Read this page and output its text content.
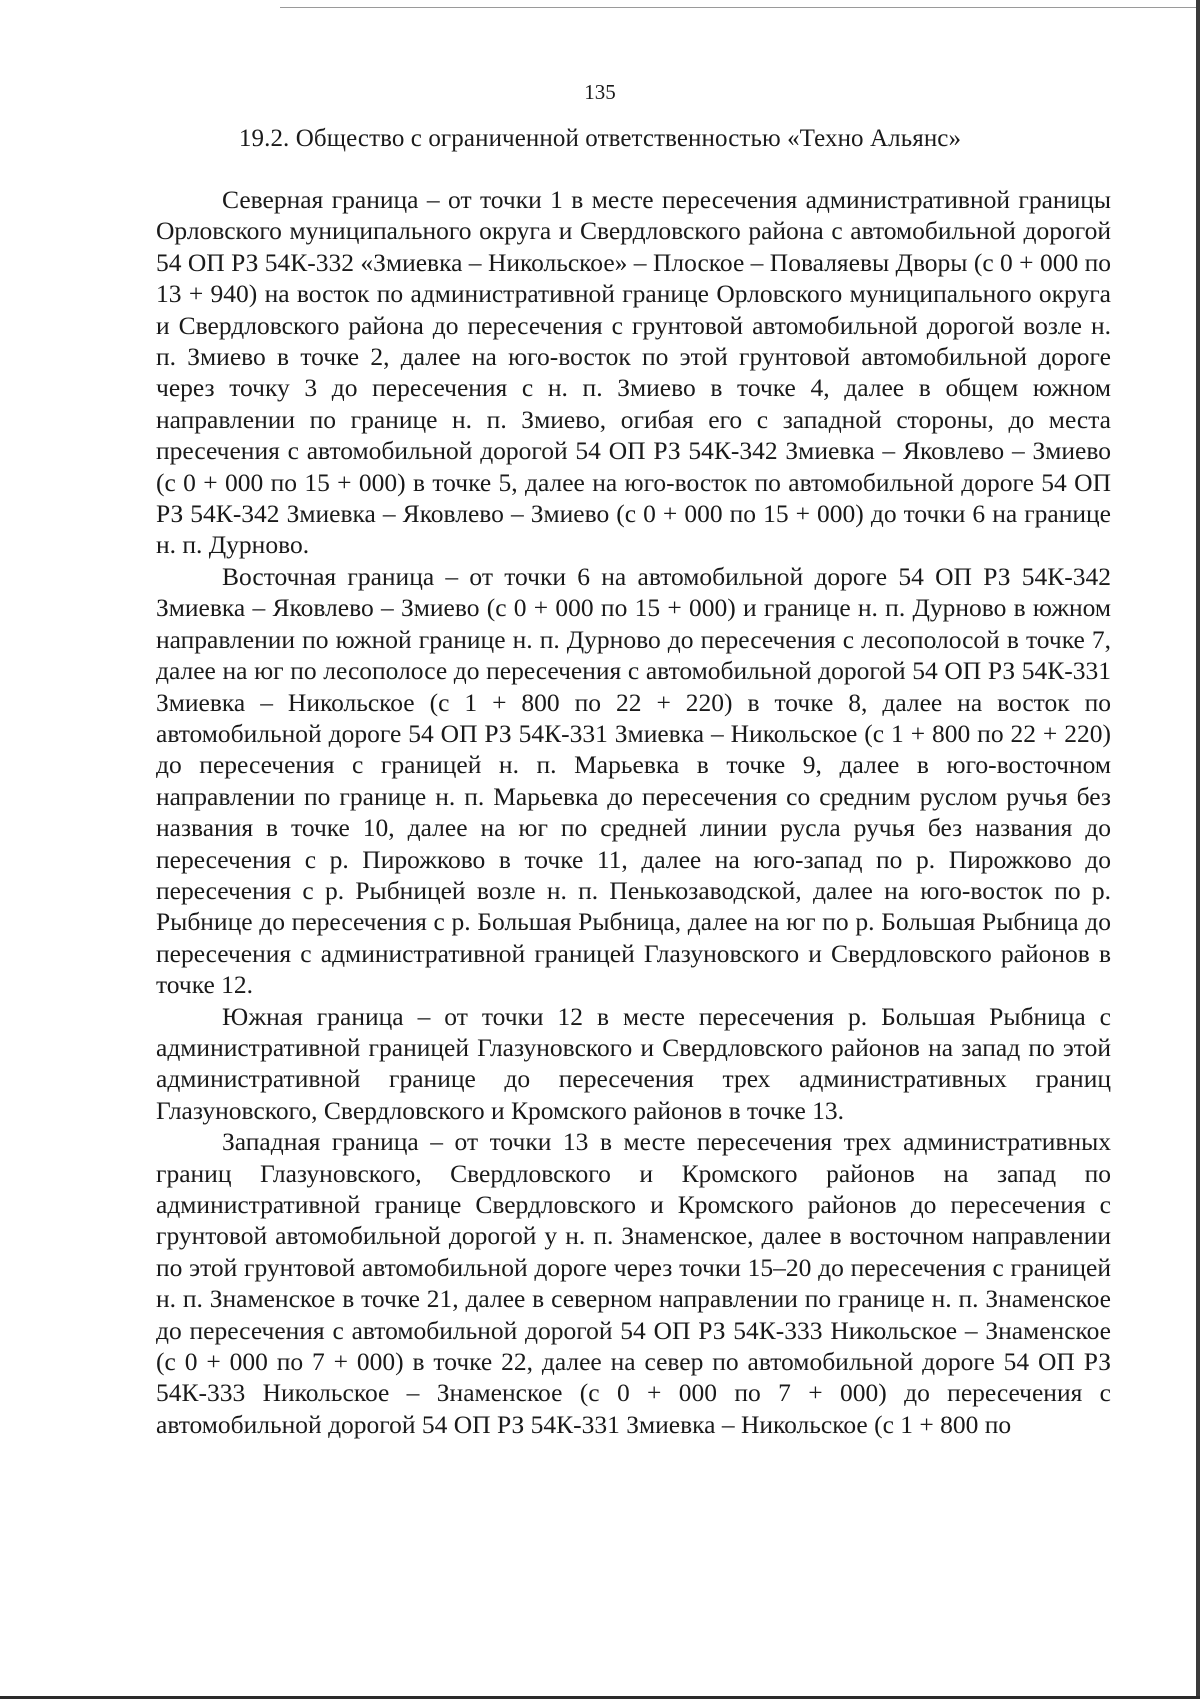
135

19.2. Общество с ограниченной ответственностью «Техно Альянс»

Северная граница – от точки 1 в месте пересечения административной границы Орловского муниципального округа и Свердловского района с автомобильной дорогой 54 ОП РЗ 54К-332 «Змиевка – Никольское» – Плоское – Поваляевы Дворы (с 0 + 000 по 13 + 940) на восток по административной границе Орловского муниципального округа и Свердловского района до пересечения с грунтовой автомобильной дорогой возле н. п. Змиево в точке 2, далее на юго-восток по этой грунтовой автомобильной дороге через точку 3 до пересечения с н. п. Змиево в точке 4, далее в общем южном направлении по границе н. п. Змиево, огибая его с западной стороны, до места пресечения с автомобильной дорогой 54 ОП РЗ 54К-342 Змиевка – Яковлево – Змиево (с 0 + 000 по 15 + 000) в точке 5, далее на юго-восток по автомобильной дороге 54 ОП РЗ 54К-342 Змиевка – Яковлево – Змиево (с 0 + 000 по 15 + 000) до точки 6 на границе н. п. Дурново.

Восточная граница – от точки 6 на автомобильной дороге 54 ОП РЗ 54К-342 Змиевка – Яковлево – Змиево (с 0 + 000 по 15 + 000) и границе н. п. Дурново в южном направлении по южной границе н. п. Дурново до пересечения с лесополосой в точке 7, далее на юг по лесополосе до пересечения с автомобильной дорогой 54 ОП РЗ 54К-331 Змиевка – Никольское (с 1 + 800 по 22 + 220) в точке 8, далее на восток по автомобильной дороге 54 ОП РЗ 54К-331 Змиевка – Никольское (с 1 + 800 по 22 + 220) до пересечения с границей н. п. Марьевка в точке 9, далее в юго-восточном направлении по границе н. п. Марьевка до пересечения со средним руслом ручья без названия в точке 10, далее на юг по средней линии русла ручья без названия до пересечения с р. Пирожково в точке 11, далее на юго-запад по р. Пирожково до пересечения с р. Рыбницей возле н. п. Пенькозаводской, далее на юго-восток по р. Рыбнице до пересечения с р. Большая Рыбница, далее на юг по р. Большая Рыбница до пересечения с административной границей Глазуновского и Свердловского районов в точке 12.

Южная граница – от точки 12 в месте пересечения р. Большая Рыбница с административной границей Глазуновского и Свердловского районов на запад по этой административной границе до пересечения трех административных границ Глазуновского, Свердловского и Кромского районов в точке 13.

Западная граница – от точки 13 в месте пересечения трех административных границ Глазуновского, Свердловского и Кромского районов на запад по административной границе Свердловского и Кромского районов до пересечения с грунтовой автомобильной дорогой у н. п. Знаменское, далее в восточном направлении по этой грунтовой автомобильной дороге через точки 15–20 до пересечения с границей н. п. Знаменское в точке 21, далее в северном направлении по границе н. п. Знаменское до пересечения с автомобильной дорогой 54 ОП РЗ 54К-333 Никольское – Знаменское (с 0 + 000 по 7 + 000) в точке 22, далее на север по автомобильной дороге 54 ОП РЗ 54К-333 Никольское – Знаменское (с 0 + 000 по 7 + 000) до пересечения с автомобильной дорогой 54 ОП РЗ 54К-331 Змиевка – Никольское (с 1 + 800 по
